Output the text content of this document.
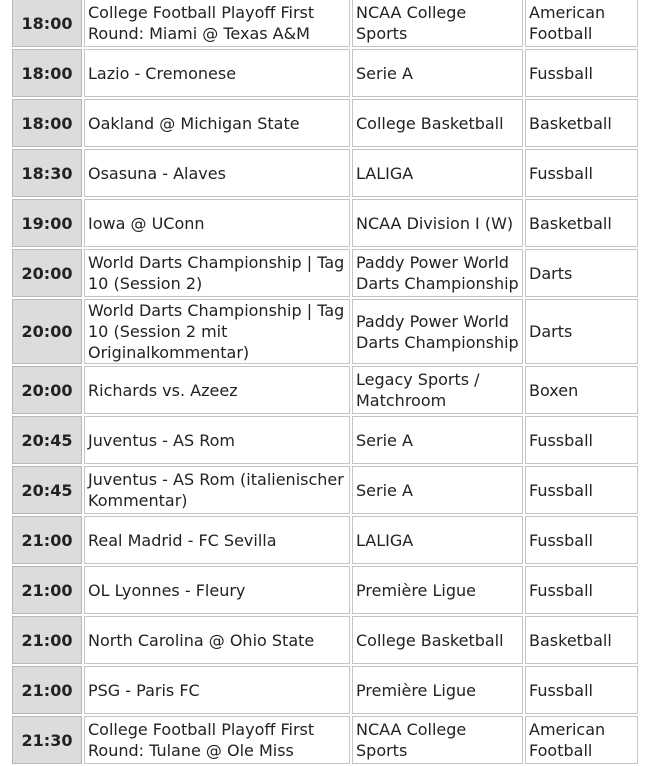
18:00	College Football Playoff First Round: Miami @ Texas A&M	NCAA College Sports	American Football
18:00	Lazio - Cremonese	Serie A	Fussball
18:00	Oakland @ Michigan State	College Basketball	Basketball
18:30	Osasuna - Alaves	LALIGA	Fussball
19:00	Iowa @ UConn	NCAA Division I (W)	Basketball
20:00	World Darts Championship | Tag 10 (Session 2)	Paddy Power World Darts Championship	Darts
20:00	World Darts Championship | Tag 10 (Session 2 mit Originalkommentar)	Paddy Power World Darts Championship	Darts
20:00	Richards vs. Azeez	Legacy Sports / Matchroom	Boxen
20:45	Juventus - AS Rom	Serie A	Fussball
20:45	Juventus - AS Rom (italienischer Kommentar)	Serie A	Fussball
21:00	Real Madrid - FC Sevilla	LALIGA	Fussball
21:00	OL Lyonnes - Fleury	Première Ligue	Fussball
21:00	North Carolina @ Ohio State	College Basketball	Basketball
21:00	PSG - Paris FC	Première Ligue	Fussball
21:30	College Football Playoff First Round: Tulane @ Ole Miss	NCAA College Sports	American Football
